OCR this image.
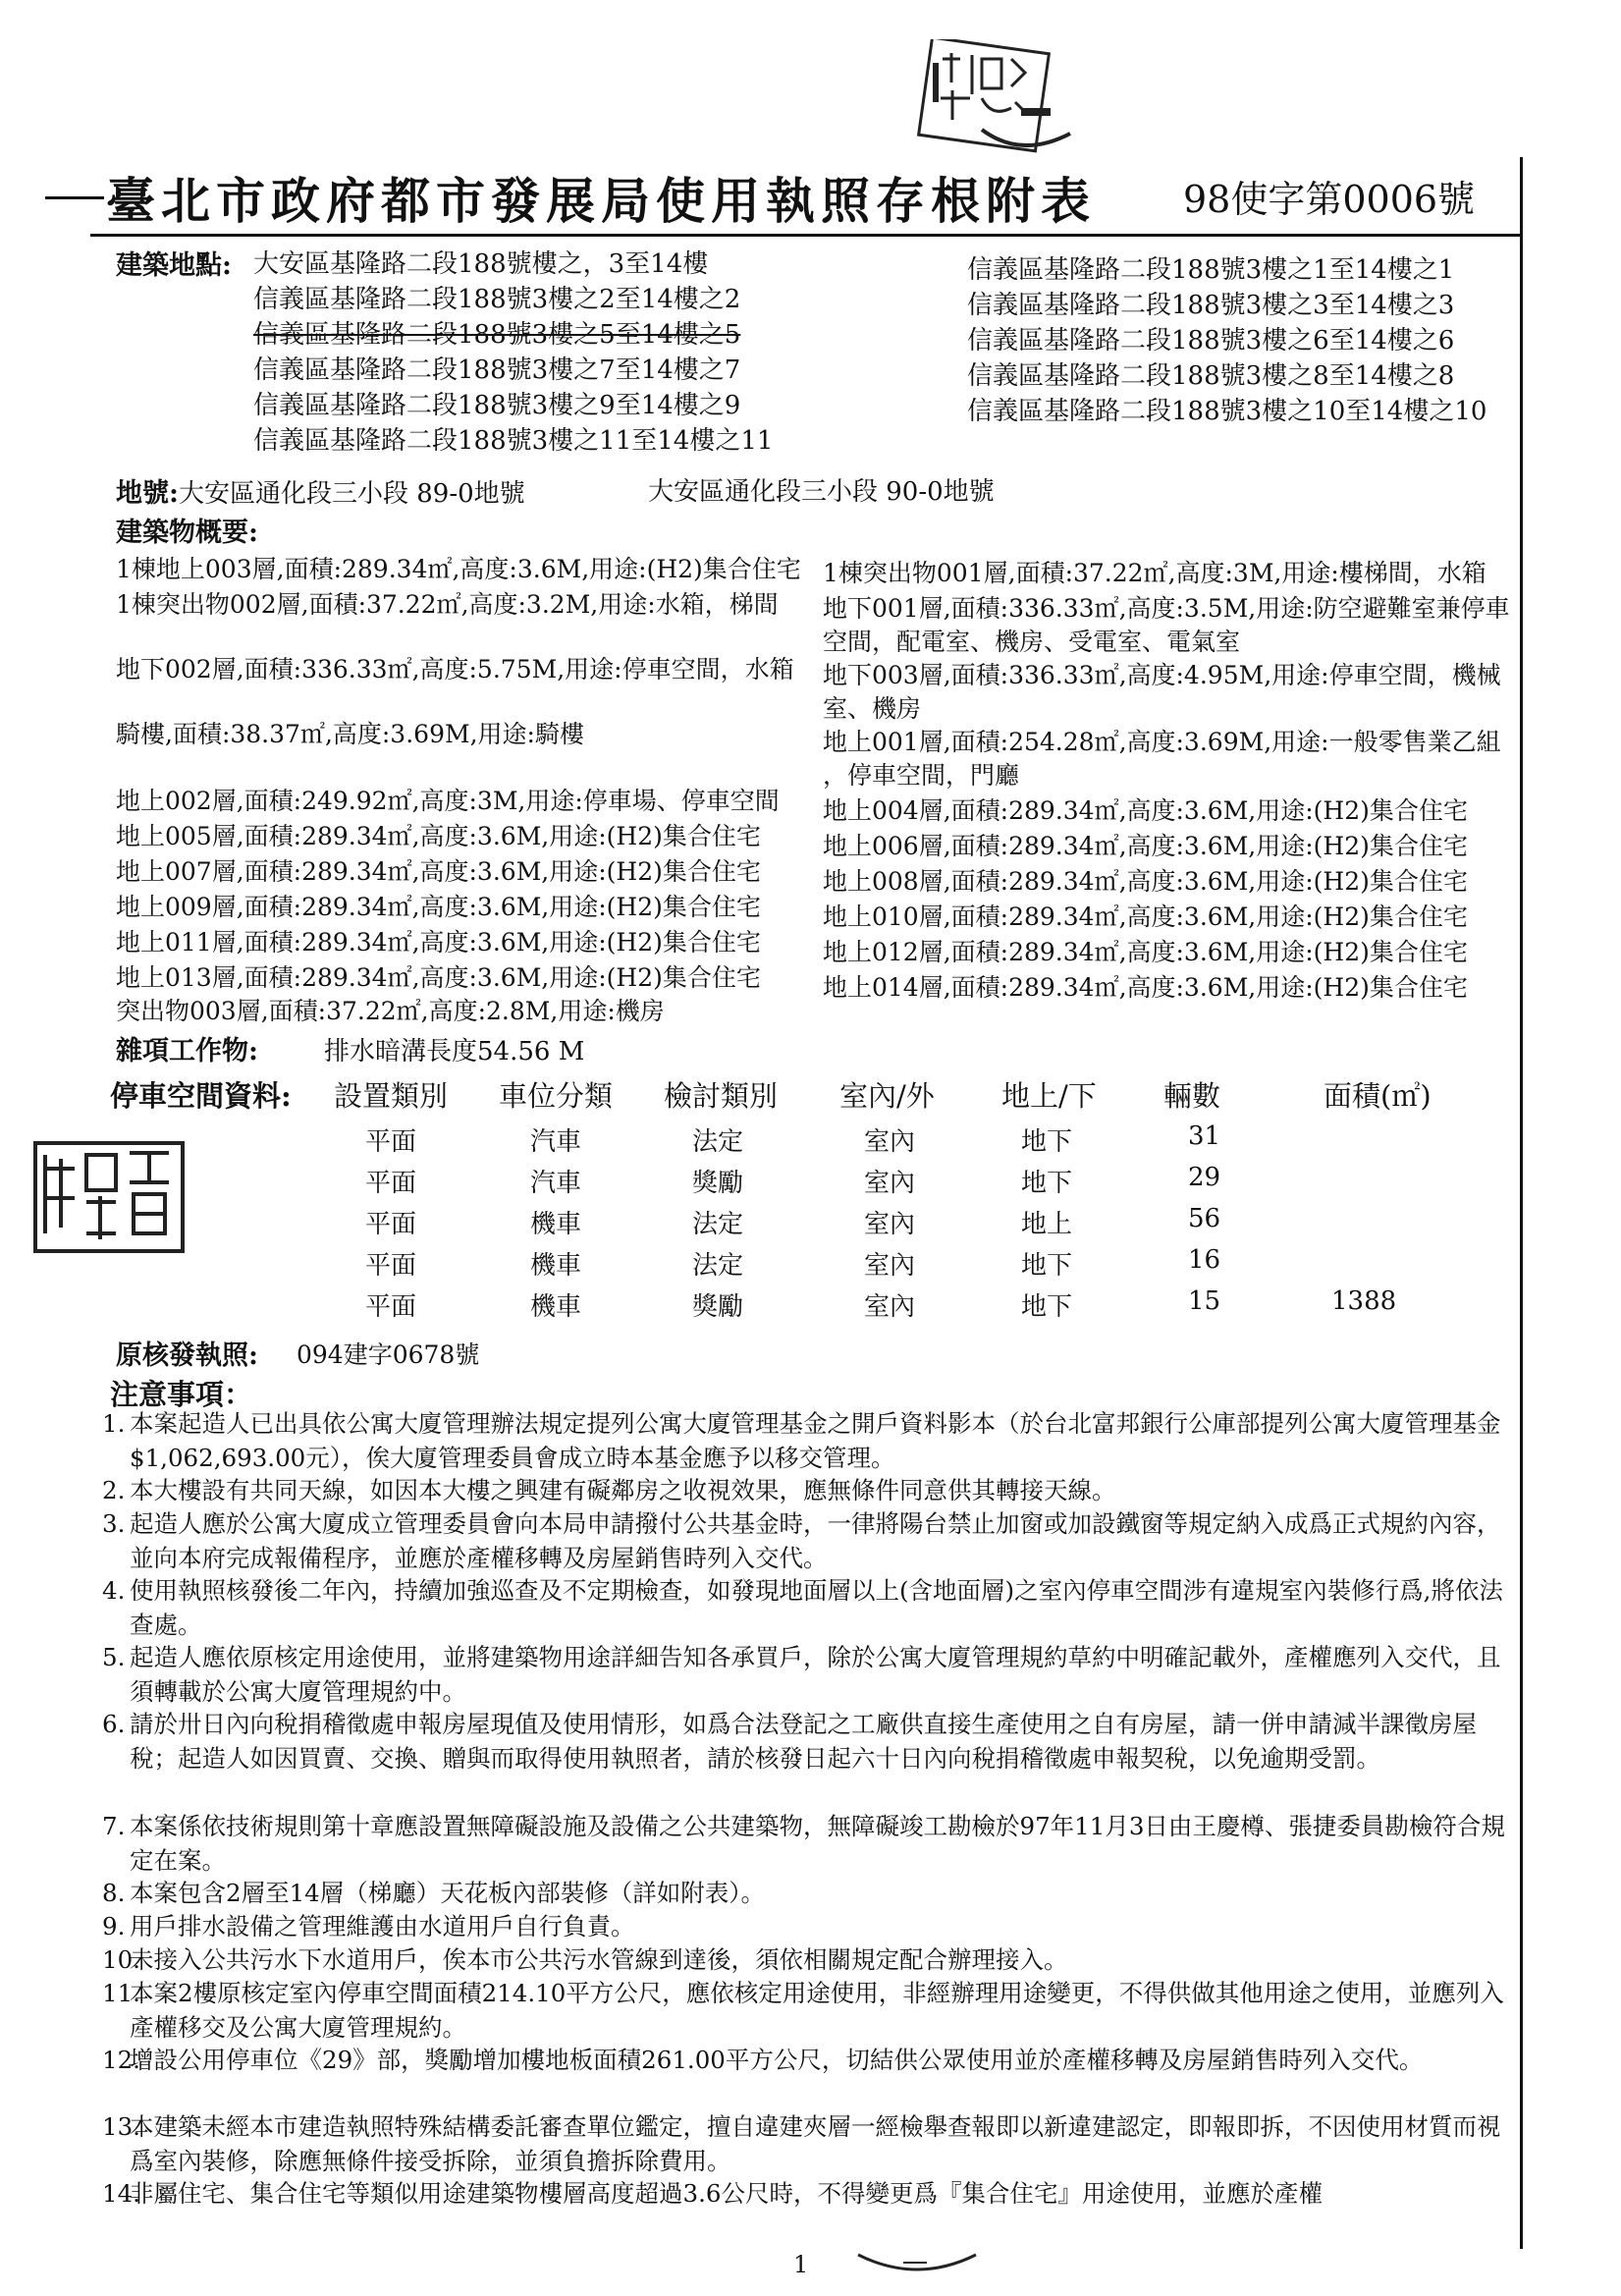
臺北市政府都市發展局使用執照存根附表 98使字第0006號
建築地點: 大安區基隆路二段188號樓之，3至14樓
信義區基隆路二段188號3樓之2至14樓之2
信義區基隆路二段188號3樓之5至14樓之5
信義區基隆路二段188號3樓之7至14樓之7
信義區基隆路二段188號3樓之9至14樓之9
信義區基隆路二段188號3樓之11至14樓之11
信義區基隆路二段188號3樓之1至14樓之1
信義區基隆路二段188號3樓之3至14樓之3
信義區基隆路二段188號3樓之6至14樓之6
信義區基隆路二段188號3樓之8至14樓之8
信義區基隆路二段188號3樓之10至14樓之10
地號:大安區通化段三小段 89-0地號	大安區通化段三小段 90-0地號
建築物概要:
1棟地上003層,面積:289.34㎡,高度:3.6M,用途:(H2)集合住宅
1棟突出物002層,面積:37.22㎡,高度:3.2M,用途:水箱，梯間
地下002層,面積:336.33㎡,高度:5.75M,用途:停車空間，水箱
騎樓,面積:38.37㎡,高度:3.69M,用途:騎樓
地上002層,面積:249.92㎡,高度:3M,用途:停車場、停車空間
地上005層,面積:289.34㎡,高度:3.6M,用途:(H2)集合住宅
地上007層,面積:289.34㎡,高度:3.6M,用途:(H2)集合住宅
地上009層,面積:289.34㎡,高度:3.6M,用途:(H2)集合住宅
地上011層,面積:289.34㎡,高度:3.6M,用途:(H2)集合住宅
地上013層,面積:289.34㎡,高度:3.6M,用途:(H2)集合住宅
突出物003層,面積:37.22㎡,高度:2.8M,用途:機房
1棟突出物001層,面積:37.22㎡,高度:3M,用途:樓梯間，水箱
地下001層,面積:336.33㎡,高度:3.5M,用途:防空避難室兼停車
空間，配電室、機房、受電室、電氣室
地下003層,面積:336.33㎡,高度:4.95M,用途:停車空間，機械
室、機房
地上001層,面積:254.28㎡,高度:3.69M,用途:一般零售業乙組
，停車空間，門廳
地上004層,面積:289.34㎡,高度:3.6M,用途:(H2)集合住宅
地上006層,面積:289.34㎡,高度:3.6M,用途:(H2)集合住宅
地上008層,面積:289.34㎡,高度:3.6M,用途:(H2)集合住宅
地上010層,面積:289.34㎡,高度:3.6M,用途:(H2)集合住宅
地上012層,面積:289.34㎡,高度:3.6M,用途:(H2)集合住宅
地上014層,面積:289.34㎡,高度:3.6M,用途:(H2)集合住宅
雜項工作物:	排水暗溝長度54.56 M
停車空間資料: 設置類別 車位分類 檢討類別 室內/外 地上/下 輛數	面積(㎡)
平面	汽車	法定	室內	地下	31
平面	汽車	獎勵	室內	地下	29
平面	機車	法定	室內	地上	56
平面	機車	法定	室內	地下	16
平面	機車	獎勵	室內	地下	15	1388
原核發執照: 094建字0678號
注意事項：
1. 本案起造人已出具依公寓大廈管理辦法規定提列公寓大廈管理基金之開戶資料影本（於台北富邦銀行公庫部提列公寓大廈管理基金$1,062,693.00元），俟大廈管理委員會成立時本基金應予以移交管理。
2. 本大樓設有共同天線，如因本大樓之興建有礙鄰房之收視效果，應無條件同意供其轉接天線。
3. 起造人應於公寓大廈成立管理委員會向本局申請撥付公共基金時，一律將陽台禁止加窗或加設鐵窗等規定納入成爲正式規約內容，並向本府完成報備程序，並應於產權移轉及房屋銷售時列入交代。
4. 使用執照核發後二年內，持續加強巡查及不定期檢查，如發現地面層以上(含地面層)之室內停車空間涉有違規室內裝修行爲,將依法查處。
5. 起造人應依原核定用途使用，並將建築物用途詳細告知各承買戶，除於公寓大廈管理規約草約中明確記載外，產權應列入交代，且須轉載於公寓大廈管理規約中。
6. 請於卅日內向稅捐稽徵處申報房屋現值及使用情形，如爲合法登記之工廠供直接生產使用之自有房屋，請一併申請減半課徵房屋稅；起造人如因買賣、交換、贈與而取得使用執照者，請於核發日起六十日內向稅捐稽徵處申報契稅，以免逾期受罰。
7. 本案係依技術規則第十章應設置無障礙設施及設備之公共建築物，無障礙竣工勘檢於97年11月3日由王慶樽、張捷委員勘檢符合規定在案。
8. 本案包含2層至14層（梯廳）天花板內部裝修（詳如附表）。
9. 用戶排水設備之管理維護由水道用戶自行負責。
10.
未接入公共污水下水道用戶，俟本市公共污水管線到達後，須依相關規定配合辦理接入。
11.
本案2樓原核定室內停車空間面積214.10平方公尺，應依核定用途使用，非經辦理用途變更，不得供做其他用途之使用，並應列入產權移交及公寓大廈管理規約。
12.
增設公用停車位《29》部，獎勵增加樓地板面積261.00平方公尺，切結供公眾使用並於產權移轉及房屋銷售時列入交代。
13.
本建築未經本市建造執照特殊結構委託審查單位鑑定，擅自違建夾層一經檢舉查報即以新違建認定，即報即拆，不因使用材質而視爲室內裝修，除應無條件接受拆除，並須負擔拆除費用。
14.
非屬住宅、集合住宅等類似用途建築物樓層高度超過3.6公尺時，不得變更爲『集合住宅』用途使用，並應於產權
1
